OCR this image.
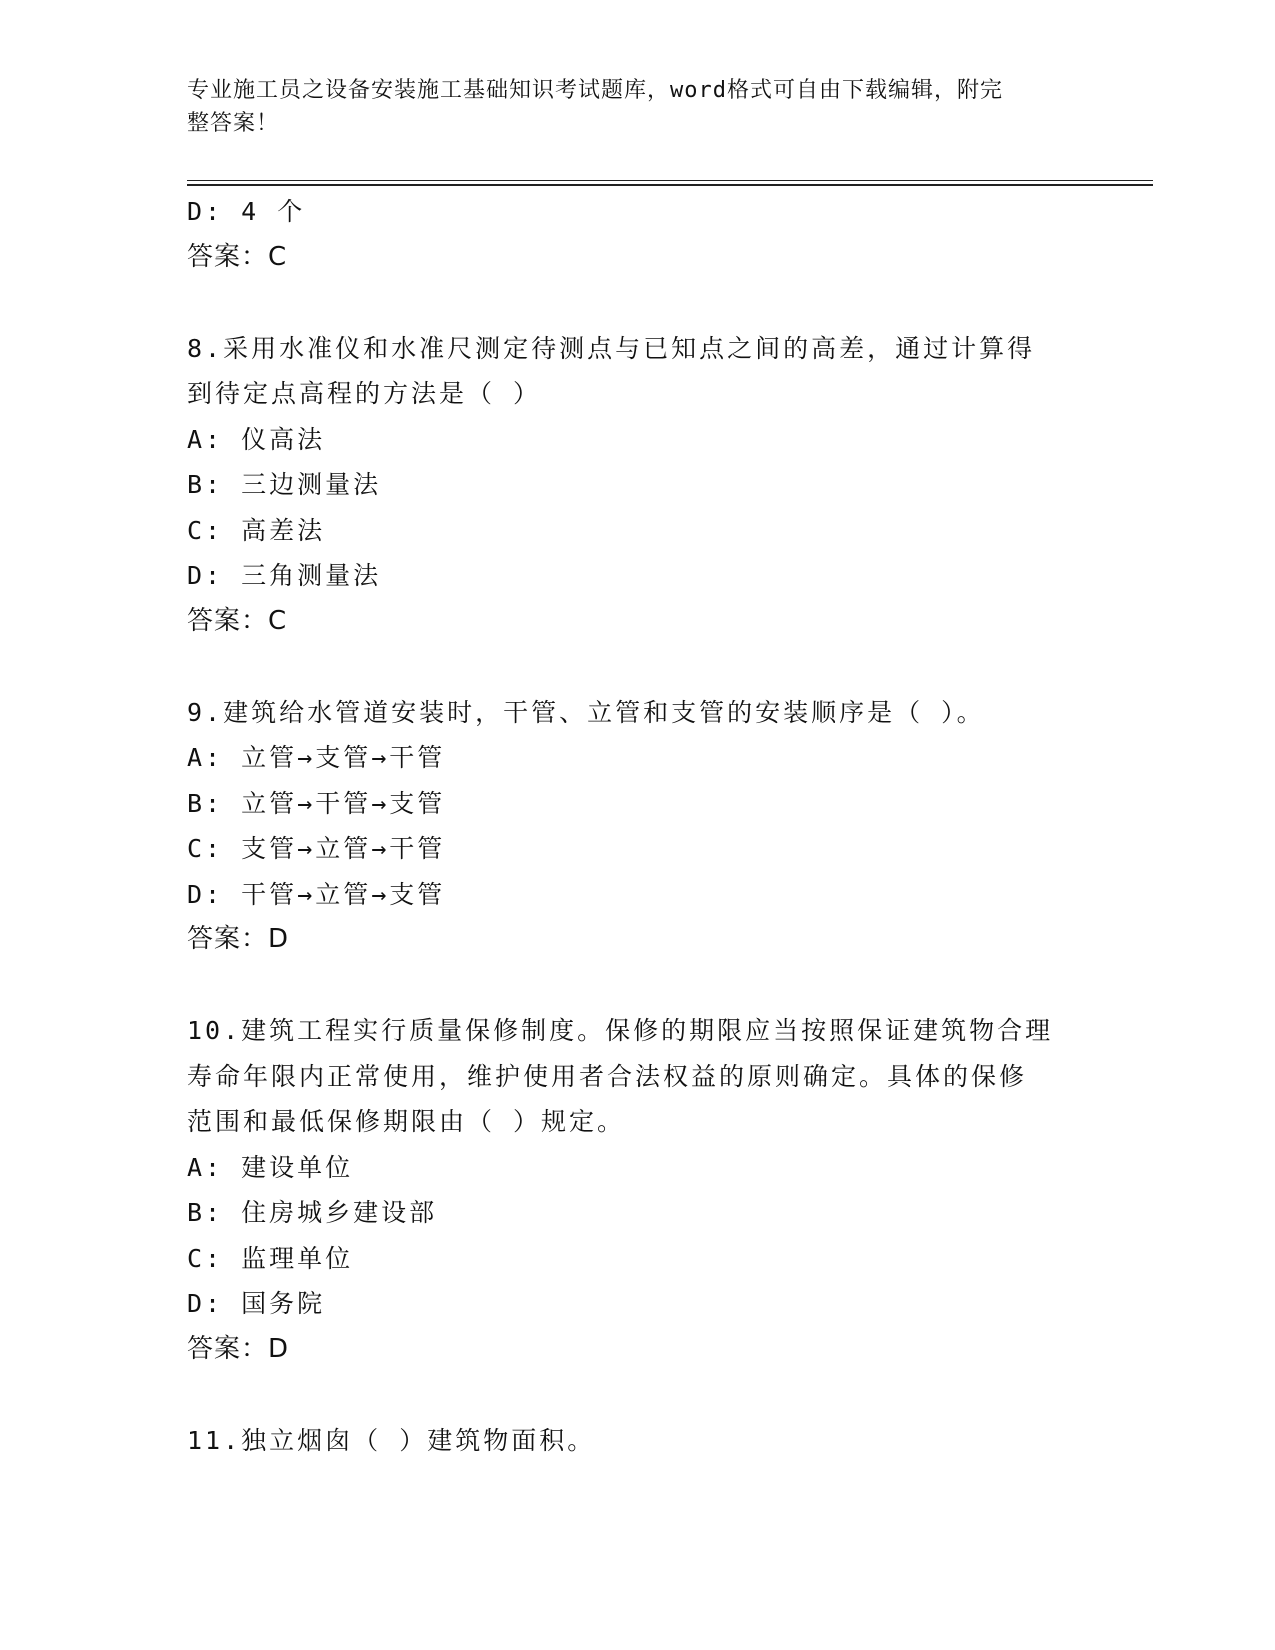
专业施工员之设备安装施工基础知识考试题库，word格式可自由下载编辑，附完
整答案！
D: 4 个
答案：C
8.采用水准仪和水准尺测定待测点与已知点之间的高差，通过计算得
到待定点高程的方法是（ ）
A: 仪高法
B: 三边测量法
C: 高差法
D: 三角测量法
答案：C
9.建筑给水管道安装时，干管、立管和支管的安装顺序是（ ）。
A: 立管→支管→干管
B: 立管→干管→支管
C: 支管→立管→干管
D: 干管→立管→支管
答案：D
10.建筑工程实行质量保修制度。保修的期限应当按照保证建筑物合理
寿命年限内正常使用，维护使用者合法权益的原则确定。具体的保修
范围和最低保修期限由（ ）规定。
A: 建设单位
B: 住房城乡建设部
C: 监理单位
D: 国务院
答案：D
11.独立烟囱（ ）建筑物面积。
